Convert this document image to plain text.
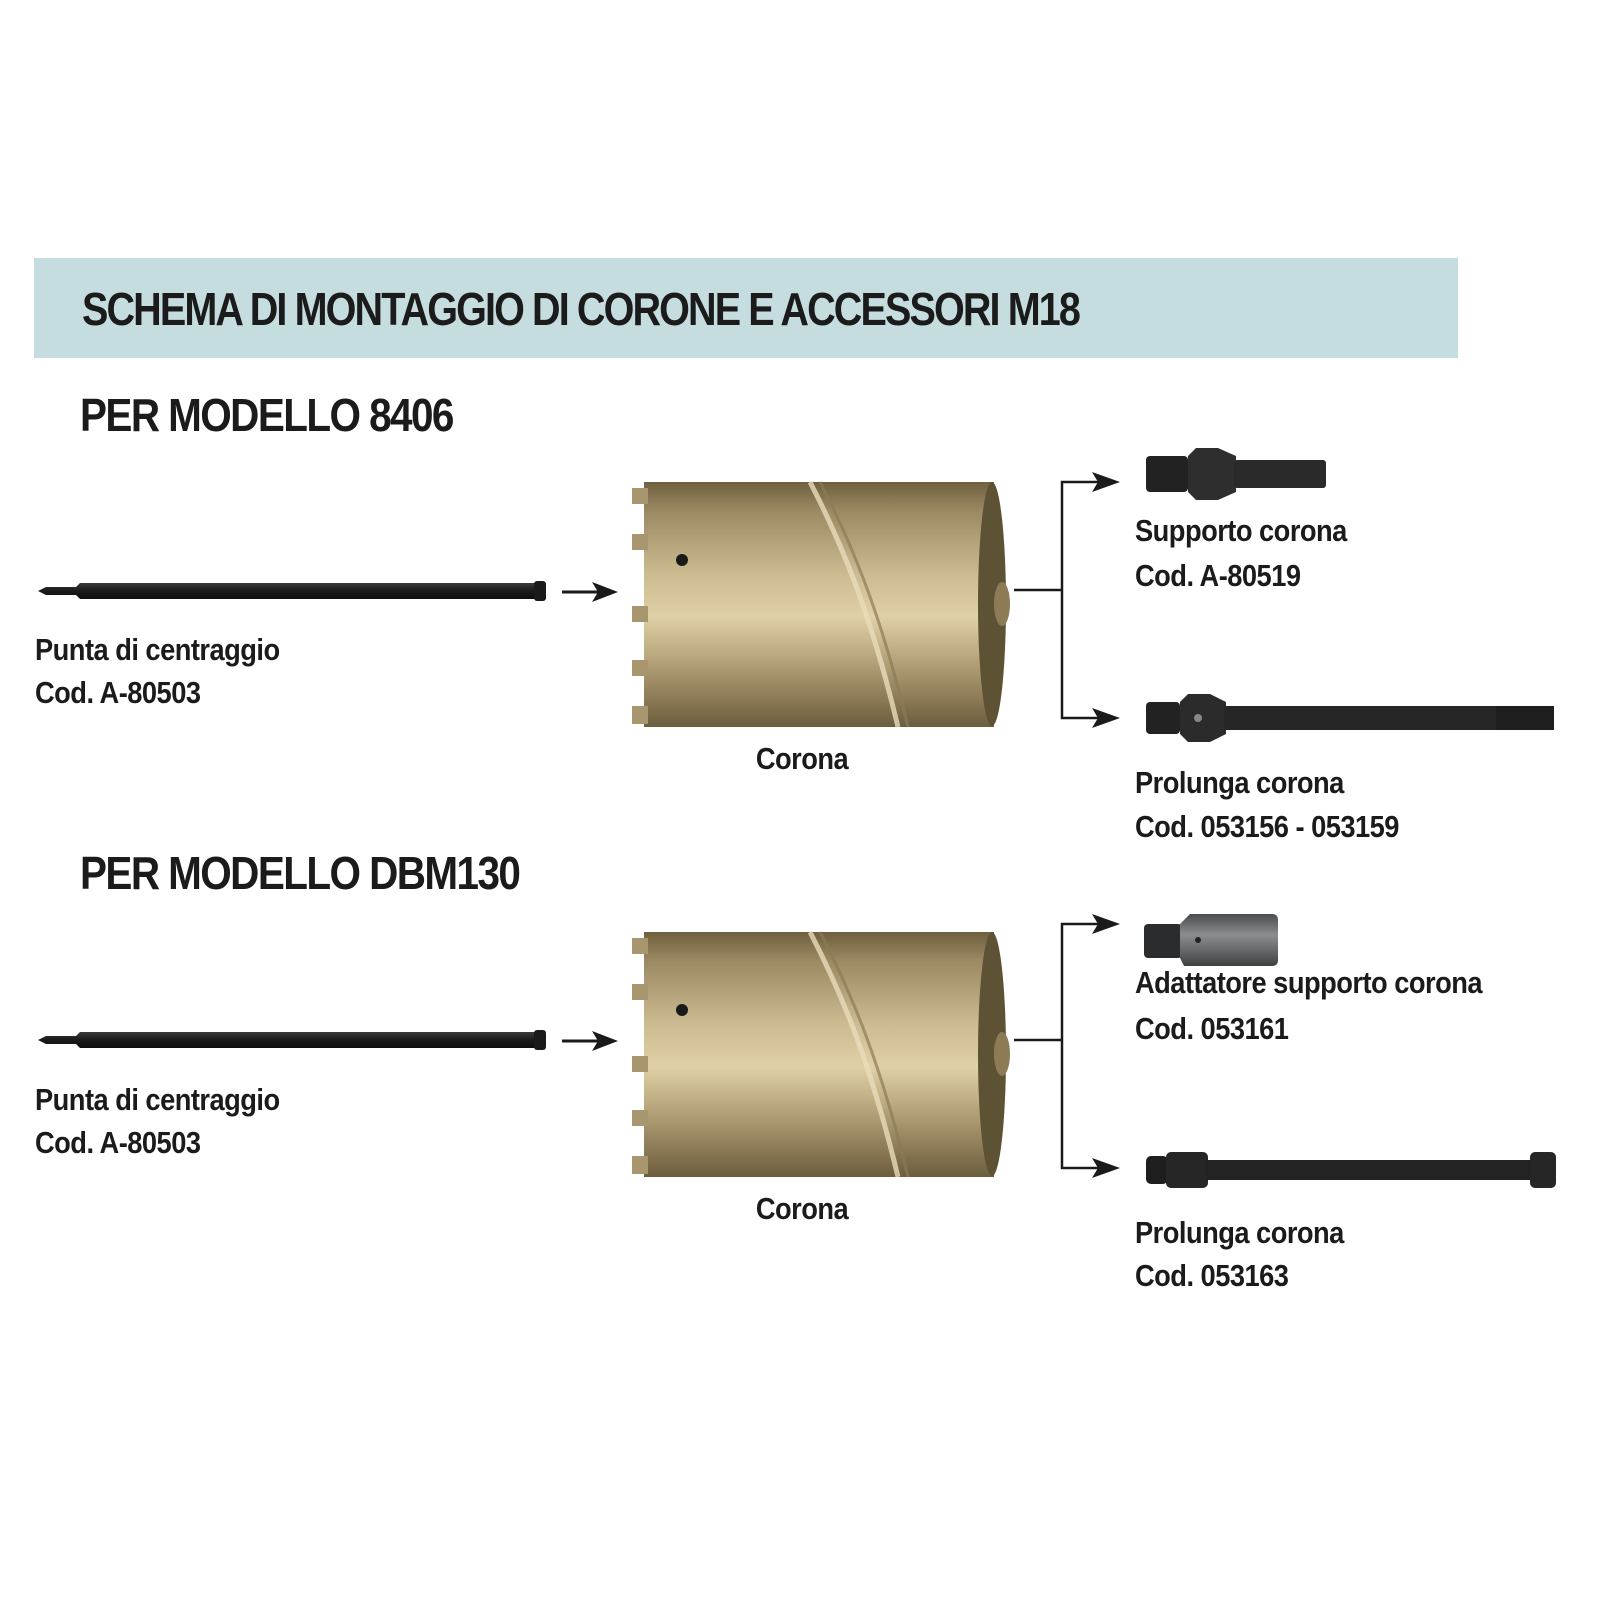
SCHEMA DI MONTAGGIO DI CORONE E ACCESSORI M18
PER MODELLO 8406
Punta di centraggio
Cod. A-80503
Corona
Supporto corona
Cod. A-80519
Prolunga corona
Cod. 053156 - 053159
PER MODELLO DBM130
Punta di centraggio
Cod. A-80503
Corona
Adattatore supporto corona
Cod. 053161
Prolunga corona
Cod. 053163
